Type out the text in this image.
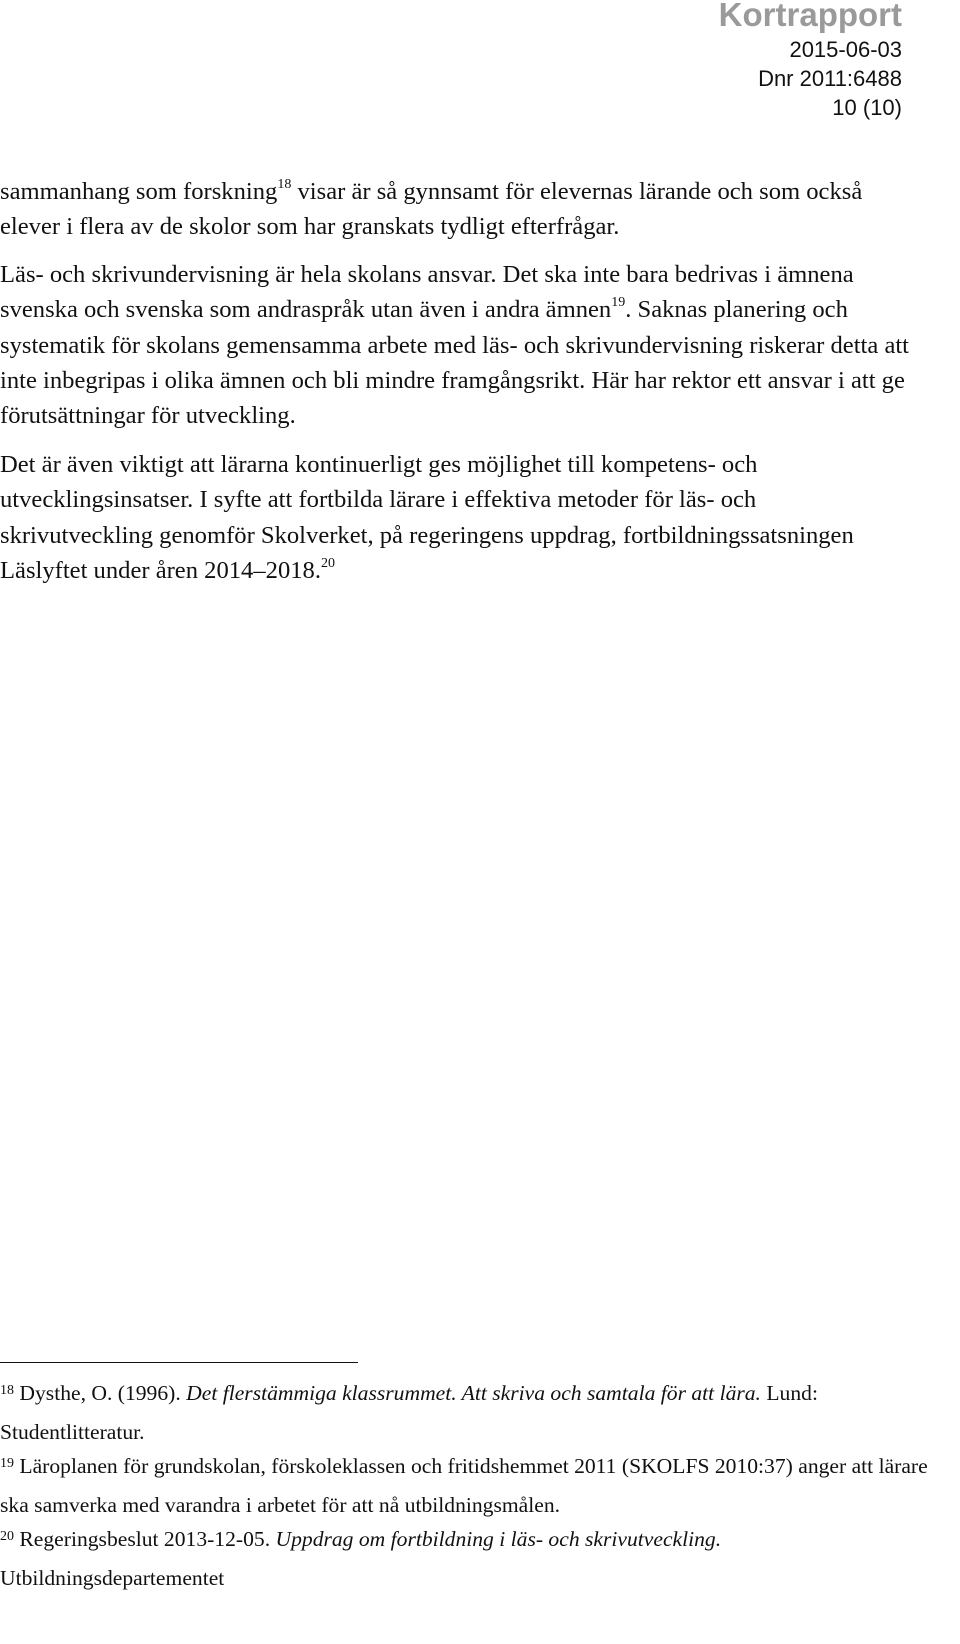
Kortrapport
2015-06-03
Dnr 2011:6488
10 (10)

sammanhang som forskning$^{18}$ visar är så gynnsamt för elevernas lärande och som också elever i flera av de skolor som har granskats tydligt efterfrågar.

Läs- och skrivundervisning är hela skolans ansvar. Det ska inte bara bedrivas i ämnena svenska och svenska som andraspråk utan även i andra ämnen$^{19}$. Saknas planering och systematik för skolans gemensamma arbete med läs- och skrivundervisning riskerar detta att inte inbegripas i olika ämnen och bli mindre framgångsrikt. Här har rektor ett ansvar i att ge förutsättningar för utveckling.

Det är även viktigt att lärarna kontinuerligt ges möjlighet till kompetens- och utvecklingsinsatser. I syfte att fortbilda lärare i effektiva metoder för läs- och skrivutveckling genomför Skolverket, på regeringens uppdrag, fortbildningssatsningen Läslyftet under åren 2014–2018.20

$^{18}$ Dysthe, O. (1996). Det flerstämmiga klassrummet. Att skriva och samtala för att lära. Lund: Studentlitteratur.

$^{19}$ Läroplanen för grundskolan, förskoleklassen och fritidshemmet 2011 (SKOLFS 2010:37) anger att lärare ska samverka med varandra i arbetet för att nå utbildningsmålen.

$^{20}$ Regeringsbeslut 2013-12-05. Uppdrag om fortbildning i läs- och skrivutveckling. Utbildningsdepartementet
